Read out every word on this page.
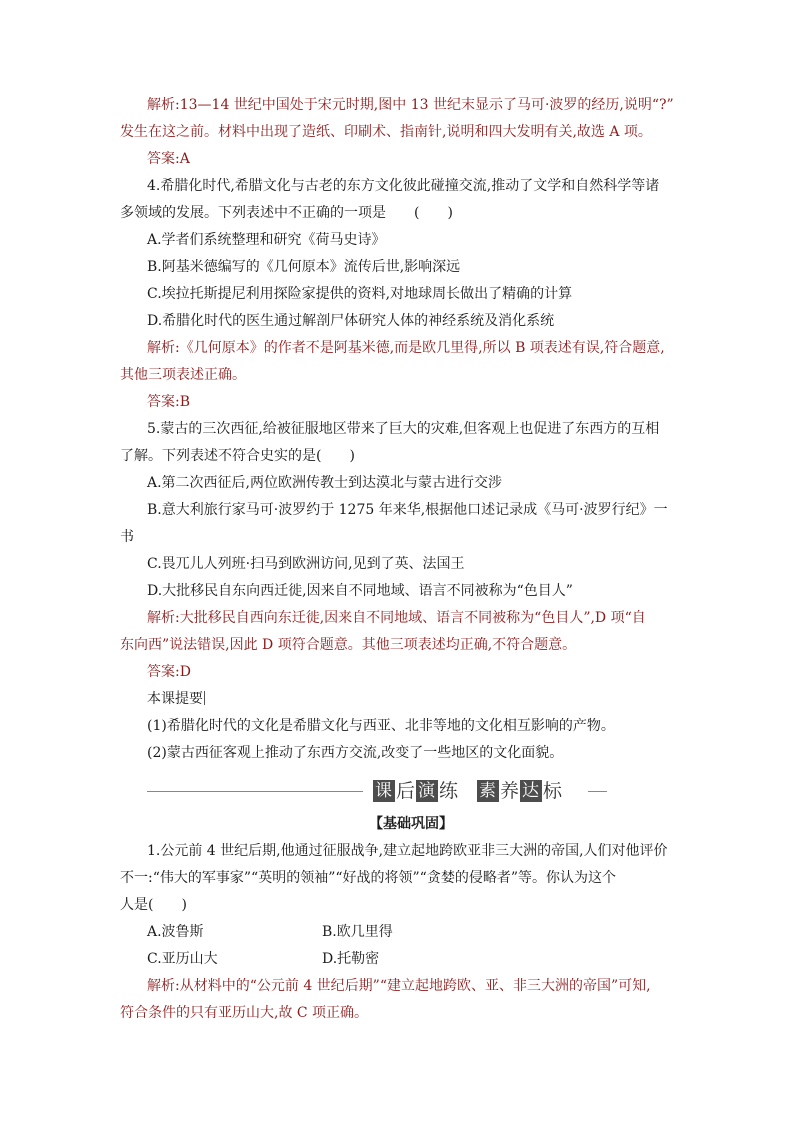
解析:13—14 世纪中国处于宋元时期,图中 13 世纪末显示了马可·波罗的经历,说明“?”
发生在这之前。材料中出现了造纸、印刷术、指南针,说明和四大发明有关,故选 A 项。
答案:A
4.希腊化时代,希腊文化与古老的东方文化彼此碰撞交流,推动了文学和自然科学等诸
多领域的发展。下列表述中不正确的一项是　　(　　)
A.学者们系统整理和研究《荷马史诗》
B.阿基米德编写的《几何原本》流传后世,影响深远
C.埃拉托斯提尼利用探险家提供的资料,对地球周长做出了精确的计算
D.希腊化时代的医生通过解剖尸体研究人体的神经系统及消化系统
解析:《几何原本》的作者不是阿基米德,而是欧几里得,所以 B 项表述有误,符合题意,
其他三项表述正确。
答案:B
5.蒙古的三次西征,给被征服地区带来了巨大的灾难,但客观上也促进了东西方的互相
了解。下列表述不符合史实的是(　　)
A.第二次西征后,两位欧洲传教士到达漠北与蒙古进行交涉
B.意大利旅行家马可·波罗约于 1275 年来华,根据他口述记录成《马可·波罗行纪》一
书
C.畏兀儿人列班·扫马到欧洲访问,见到了英、法国王
D.大批移民自东向西迁徙,因来自不同地域、语言不同被称为“色目人”
解析:大批移民自西向东迁徙,因来自不同地域、语言不同被称为“色目人”,D 项“自
东向西”说法错误,因此 D 项符合题意。其他三项表述均正确,不符合题意。
答案:D
本课提要
(1)希腊化时代的文化是希腊文化与西亚、北非等地的文化相互影响的产物。
(2)蒙古西征客观上推动了东西方交流,改变了一些地区的文化面貌。
课 后 演 练 素 养 达 标
【基础巩固】
1.公元前 4 世纪后期,他通过征服战争,建立起地跨欧亚非三大洲的帝国,人们对他评价
不一:“伟大的军事家”“英明的领袖”“好战的将领”“贪婪的侵略者”等。你认为这个
人是(　　)
A.波鲁斯	B.欧几里得
C.亚历山大	D.托勒密
解析:从材料中的“公元前 4 世纪后期”“建立起地跨欧、亚、非三大洲的帝国”可知,
符合条件的只有亚历山大,故 C 项正确。
